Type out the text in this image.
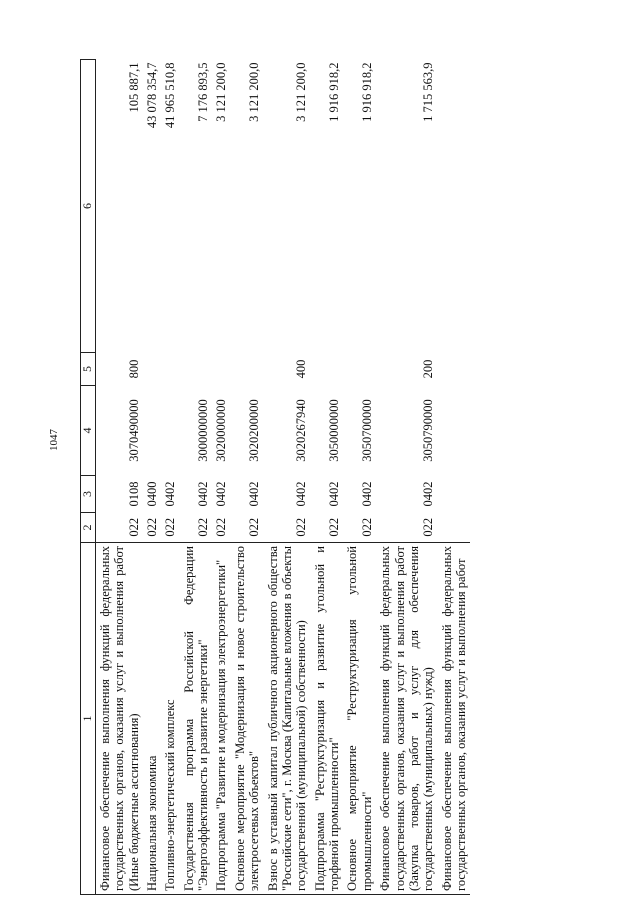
1047
1	2	3	4	5	6
Финансовое обеспечение выполнения функций федеральных государственных органов, оказания услуг и выполнения работ (Иные бюджетные ассигнования)	022	0108	3070490000	800	105 887,1
Национальная экономика	022	0400			43 078 354,7
Топливно-энергетический комплекс	022	0402			41 965 510,8
Государственная программа Российской Федерации "Энергоэффективность и развитие энергетики"	022	0402	3000000000		7 176 893,5
Подпрограмма "Развитие и модернизация электроэнергетики"	022	0402	3020000000		3 121 200,0
Основное мероприятие "Модернизация и новое строительство электросетевых объектов"	022	0402	3020200000		3 121 200,0
Взнос в уставный капитал публичного акционерного общества "Российские сети", г. Москва (Капитальные вложения в объекты государственной (муниципальной) собственности)	022	0402	3020267940	400	3 121 200,0
Подпрограмма "Реструктуризация и развитие угольной и торфяной промышленности"	022	0402	3050000000		1 916 918,2
Основное мероприятие "Реструктуризация угольной промышленности"	022	0402	3050700000		1 916 918,2
Финансовое обеспечение выполнения функций федеральных государственных органов, оказания услуг и выполнения работ (Закупка товаров, работ и услуг для обеспечения государственных (муниципальных) нужд)	022	0402	3050790000	200	1 715 563,9
Финансовое обеспечение выполнения функций федеральных государственных органов, оказания услуг и выполнения работ					
